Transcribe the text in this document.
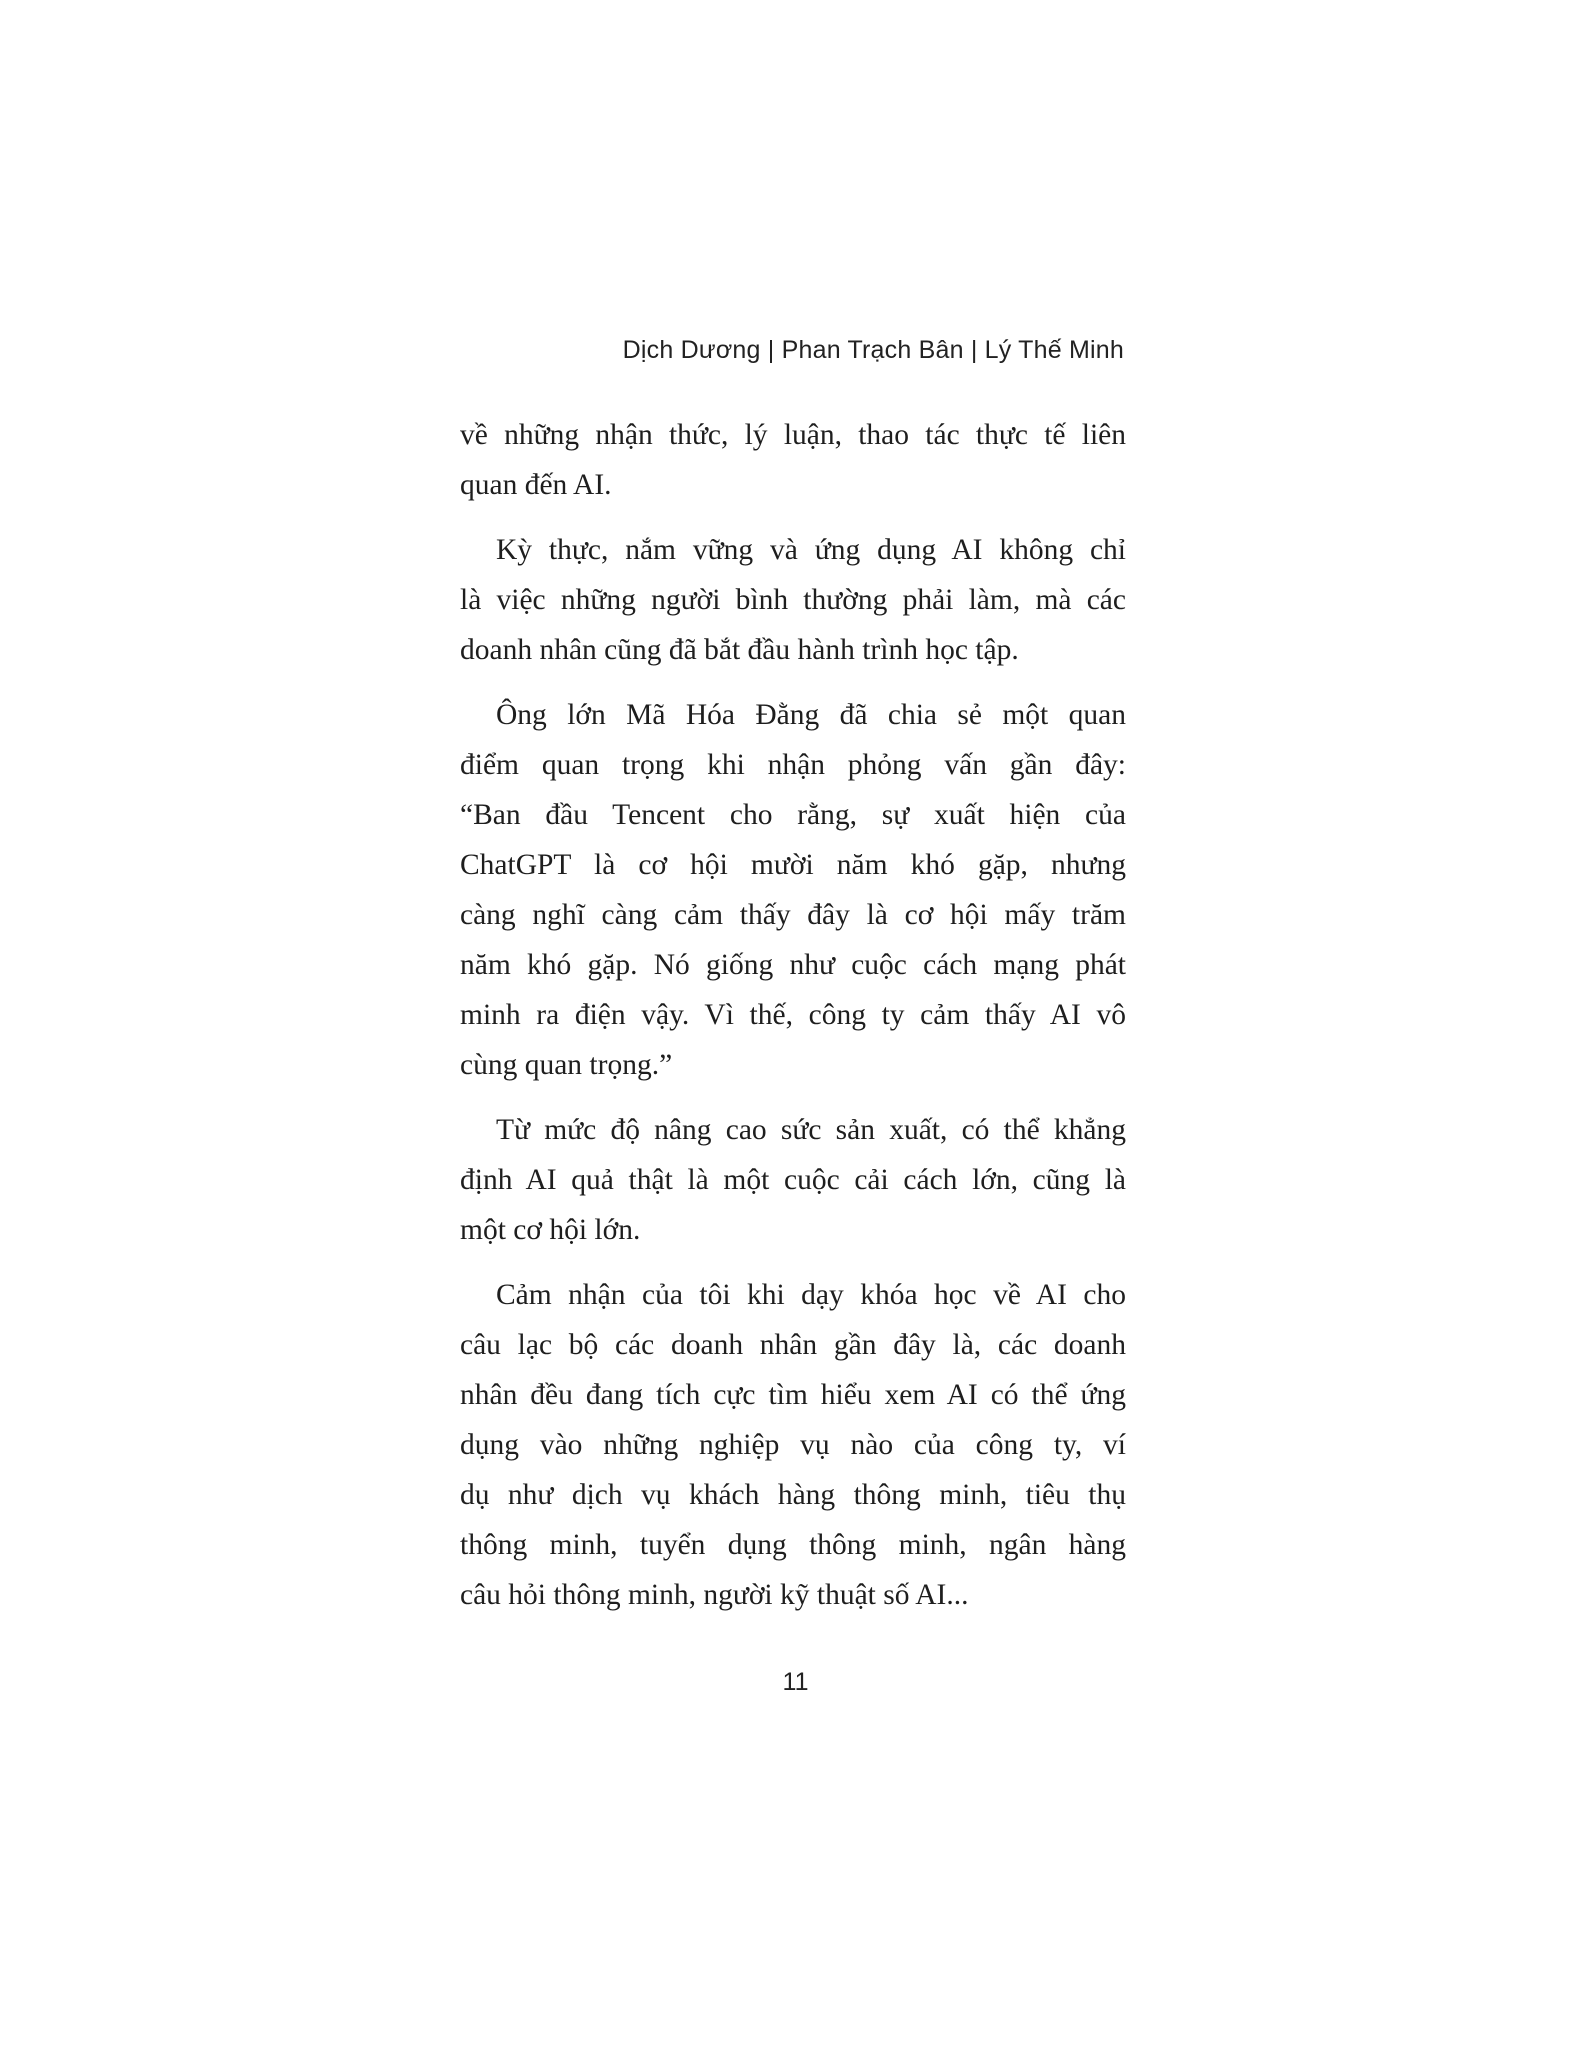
Dịch Dương | Phan Trạch Bân | Lý Thế Minh
về những nhận thức, lý luận, thao tác thực tế liên
quan đến AI.
Kỳ thực, nắm vững và ứng dụng AI không chỉ
là việc những người bình thường phải làm, mà các
doanh nhân cũng đã bắt đầu hành trình học tập.
Ông lớn Mã Hóa Đằng đã chia sẻ một quan
điểm quan trọng khi nhận phỏng vấn gần đây:
“Ban đầu Tencent cho rằng, sự xuất hiện của
ChatGPT là cơ hội mười năm khó gặp, nhưng
càng nghĩ càng cảm thấy đây là cơ hội mấy trăm
năm khó gặp. Nó giống như cuộc cách mạng phát
minh ra điện vậy. Vì thế, công ty cảm thấy AI vô
cùng quan trọng.”
Từ mức độ nâng cao sức sản xuất, có thể khẳng
định AI quả thật là một cuộc cải cách lớn, cũng là
một cơ hội lớn.
Cảm nhận của tôi khi dạy khóa học về AI cho
câu lạc bộ các doanh nhân gần đây là, các doanh
nhân đều đang tích cực tìm hiểu xem AI có thể ứng
dụng vào những nghiệp vụ nào của công ty, ví
dụ như dịch vụ khách hàng thông minh, tiêu thụ
thông minh, tuyển dụng thông minh, ngân hàng
câu hỏi thông minh, người kỹ thuật số AI...
11
